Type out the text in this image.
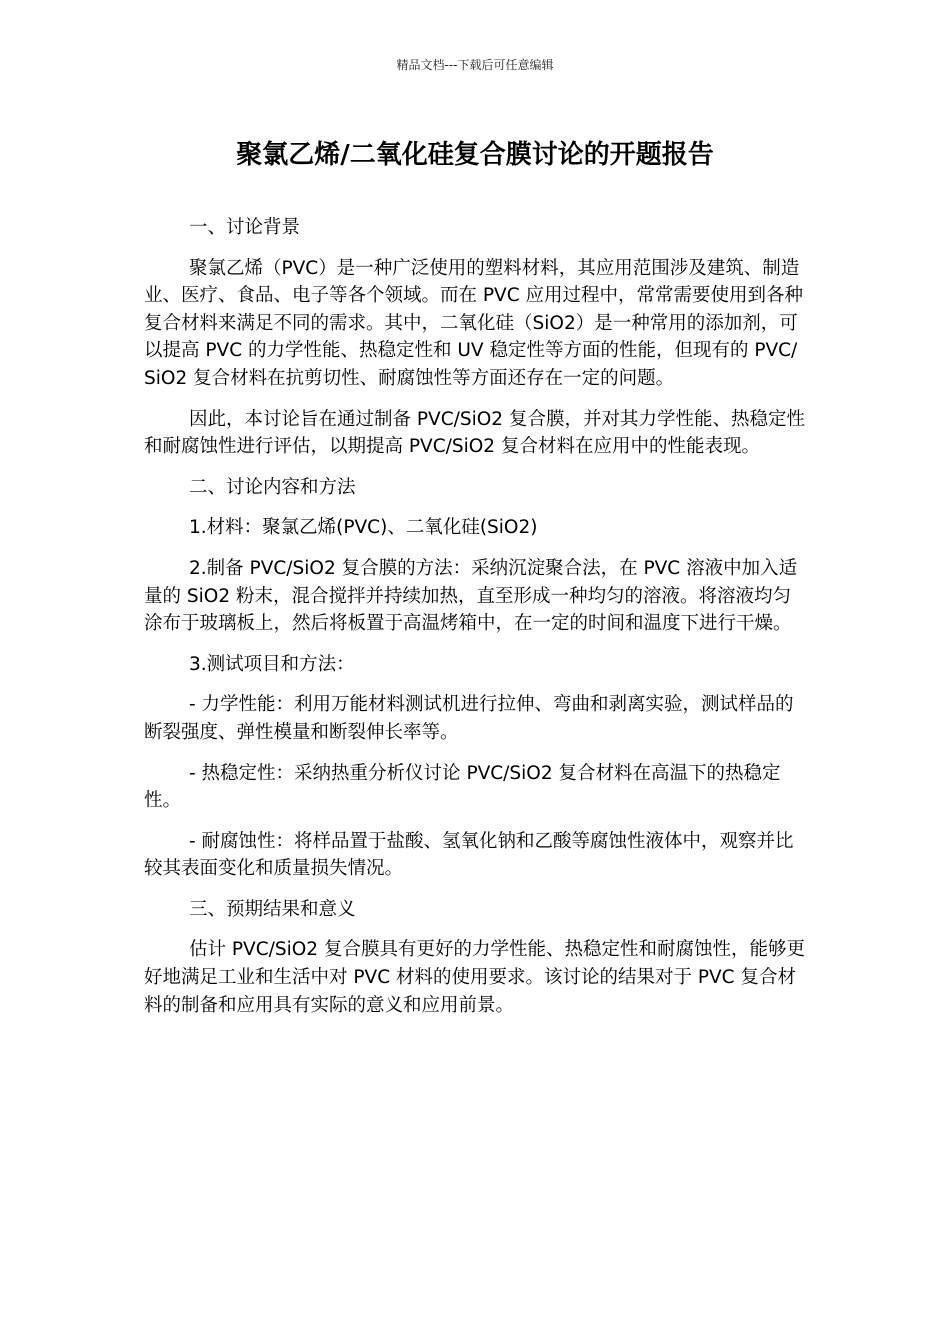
精品文档---下载后可任意编辑
聚氯乙烯/二氧化硅复合膜讨论的开题报告

一、讨论背景

聚氯乙烯（PVC）是一种广泛使用的塑料材料，其应用范围涉及建筑、制造业、医疗、食品、电子等各个领域。而在 PVC 应用过程中，常常需要使用到各种复合材料来满足不同的需求。其中，二氧化硅（SiO2）是一种常用的添加剂，可以提高 PVC 的力学性能、热稳定性和 UV 稳定性等方面的性能，但现有的 PVC/SiO2 复合材料在抗剪切性、耐腐蚀性等方面还存在一定的问题。

因此，本讨论旨在通过制备 PVC/SiO2 复合膜，并对其力学性能、热稳定性和耐腐蚀性进行评估，以期提高 PVC/SiO2 复合材料在应用中的性能表现。

二、讨论内容和方法

1.材料：聚氯乙烯(PVC)、二氧化硅(SiO2)

2.制备 PVC/SiO2 复合膜的方法：采纳沉淀聚合法，在 PVC 溶液中加入适量的 SiO2 粉末，混合搅拌并持续加热，直至形成一种均匀的溶液。将溶液均匀涂布于玻璃板上，然后将板置于高温烤箱中，在一定的时间和温度下进行干燥。

3.测试项目和方法：

- 力学性能：利用万能材料测试机进行拉伸、弯曲和剥离实验，测试样品的断裂强度、弹性模量和断裂伸长率等。

- 热稳定性：采纳热重分析仪讨论 PVC/SiO2 复合材料在高温下的热稳定性。

- 耐腐蚀性：将样品置于盐酸、氢氧化钠和乙酸等腐蚀性液体中，观察并比较其表面变化和质量损失情况。

三、预期结果和意义

估计 PVC/SiO2 复合膜具有更好的力学性能、热稳定性和耐腐蚀性，能够更好地满足工业和生活中对 PVC 材料的使用要求。该讨论的结果对于 PVC 复合材料的制备和应用具有实际的意义和应用前景。
